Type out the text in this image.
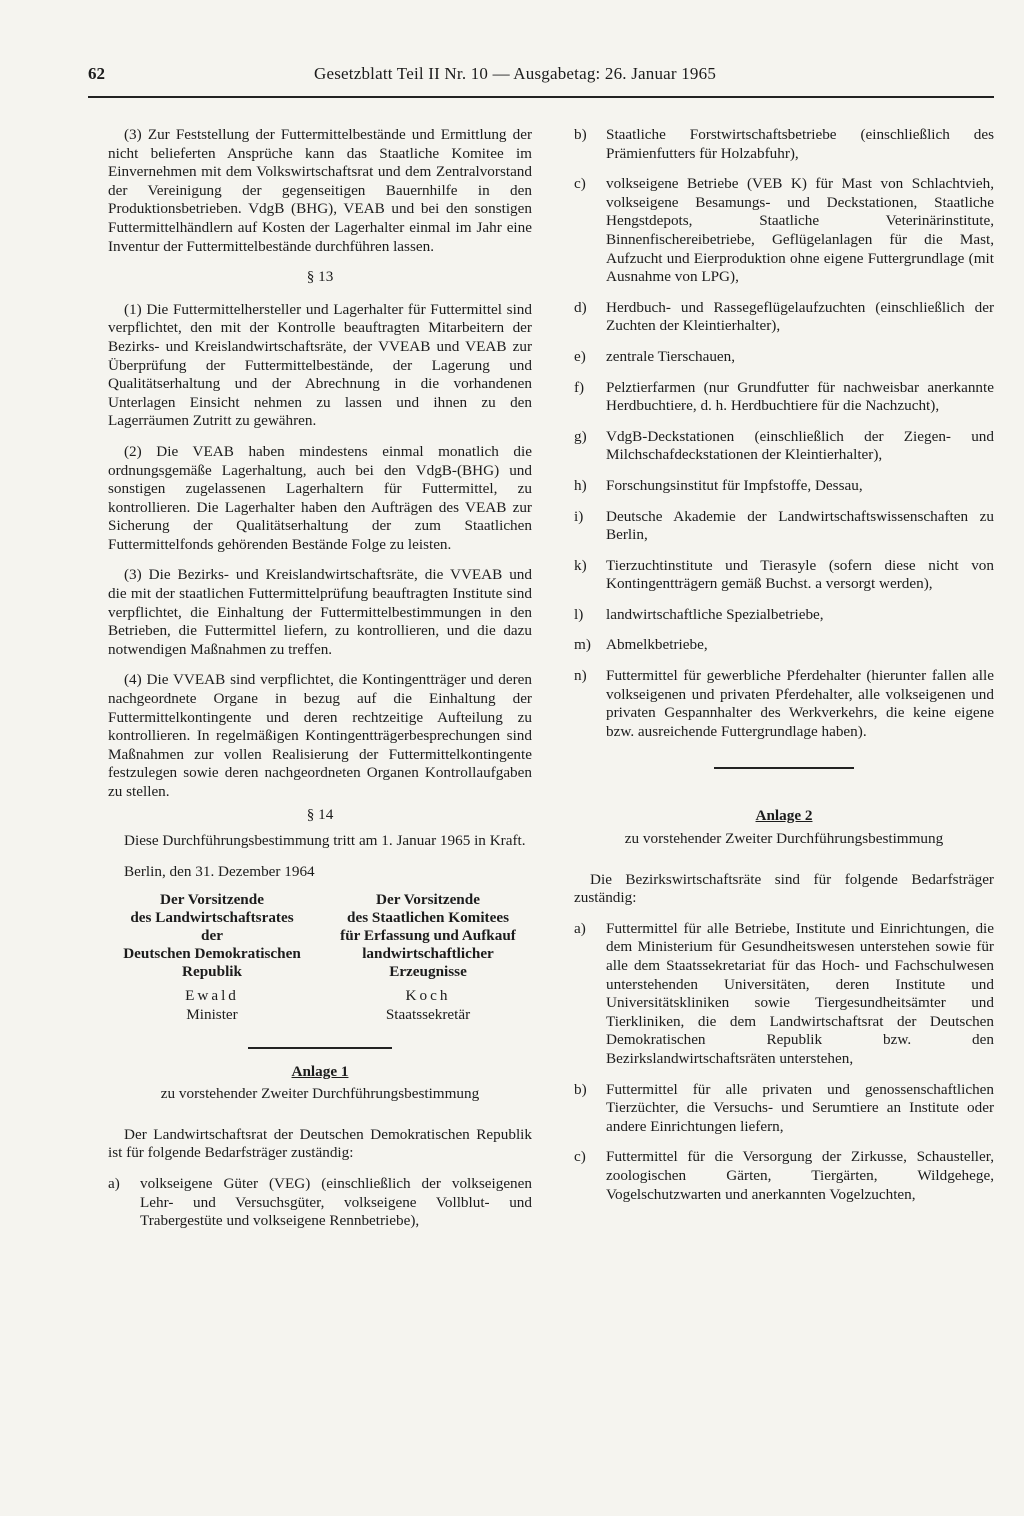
62	Gesetzblatt Teil II Nr. 10 — Ausgabetag: 26. Januar 1965

(3) Zur Feststellung der Futtermittelbestände und Ermittlung der nicht belieferten Ansprüche kann das Staatliche Komitee im Einvernehmen mit dem Volkswirtschaftsrat und dem Zentralvorstand der Vereinigung der gegenseitigen Bauernhilfe in den Produktionsbetrieben. VdgB (BHG), VEAB und bei den sonstigen Futtermittelhändlern auf Kosten der Lagerhalter einmal im Jahr eine Inventur der Futtermittelbestände durchführen lassen.

§ 13

(1) Die Futtermittelhersteller und Lagerhalter für Futtermittel sind verpflichtet, den mit der Kontrolle beauftragten Mitarbeitern der Bezirks- und Kreislandwirtschaftsräte, der VVEAB und VEAB zur Überprüfung der Futtermittelbestände, der Lagerung und Qualitätserhaltung und der Abrechnung in die vorhandenen Unterlagen Einsicht nehmen zu lassen und ihnen zu den Lagerräumen Zutritt zu gewähren.

(2) Die VEAB haben mindestens einmal monatlich die ordnungsgemäße Lagerhaltung, auch bei den VdgB-(BHG) und sonstigen zugelassenen Lagerhaltern für Futtermittel, zu kontrollieren. Die Lagerhalter haben den Aufträgen des VEAB zur Sicherung der Qualitätserhaltung der zum Staatlichen Futtermittelfonds gehörenden Bestände Folge zu leisten.

(3) Die Bezirks- und Kreislandwirtschaftsräte, die VVEAB und die mit der staatlichen Futtermittelprüfung beauftragten Institute sind verpflichtet, die Einhaltung der Futtermittelbestimmungen in den Betrieben, die Futtermittel liefern, zu kontrollieren, und die dazu notwendigen Maßnahmen zu treffen.

(4) Die VVEAB sind verpflichtet, die Kontingentträger und deren nachgeordnete Organe in bezug auf die Einhaltung der Futtermittelkontingente und deren rechtzeitige Aufteilung zu kontrollieren. In regelmäßigen Kontingentträgerbesprechungen sind Maßnahmen zur vollen Realisierung der Futtermittelkontingente festzulegen sowie deren nachgeordneten Organen Kontrollaufgaben zu stellen.

§ 14

Diese Durchführungsbestimmung tritt am 1. Januar 1965 in Kraft.

Berlin, den 31. Dezember 1964

Der Vorsitzende
des Landwirtschaftsrates
der
Deutschen Demokratischen
Republik
Ewald
Minister
Der Vorsitzende
des Staatlichen Komitees
für Erfassung und Aufkauf
landwirtschaftlicher
Erzeugnisse
Koch
Staatssekretär
Anlage 1
zu vorstehender Zweiter Durchführungsbestimmung

Der Landwirtschaftsrat der Deutschen Demokratischen Republik ist für folgende Bedarfsträger zuständig:

a)	volkseigene Güter (VEG) (einschließlich der volkseigenen Lehr- und Versuchsgüter, volkseigene Vollblut- und Trabergestüte und volkseigene Rennbetriebe),
b)	Staatliche Forstwirtschaftsbetriebe (einschließlich des Prämienfutters für Holzabfuhr),
c)	volkseigene Betriebe (VEB K) für Mast von Schlachtvieh, volkseigene Besamungs- und Deckstationen, Staatliche Hengstdepots, Staatliche Veterinärinstitute, Binnenfischereibetriebe, Geflügelanlagen für die Mast, Aufzucht und Eierproduktion ohne eigene Futtergrundlage (mit Ausnahme von LPG),
d)	Herdbuch- und Rassegeflügelaufzuchten (einschließlich der Zuchten der Kleintierhalter),
e)	zentrale Tierschauen,
f)	Pelztierfarmen (nur Grundfutter für nachweisbar anerkannte Herdbuchtiere, d. h. Herdbuchtiere für die Nachzucht),
g)	VdgB-Deckstationen (einschließlich der Ziegen- und Milchschafdeckstationen der Kleintierhalter),
h)	Forschungsinstitut für Impfstoffe, Dessau,
i)	Deutsche Akademie der Landwirtschaftswissenschaften zu Berlin,
k)	Tierzuchtinstitute und Tierasyle (sofern diese nicht von Kontingentträgern gemäß Buchst. a versorgt werden),
l)	landwirtschaftliche Spezialbetriebe,
m) Abmelkbetriebe,
n)	Futtermittel für gewerbliche Pferdehalter (hierunter fallen alle volkseigenen und privaten Pferdehalter, alle volkseigenen und privaten Gespannhalter des Werkverkehrs, die keine eigene bzw. ausreichende Futtergrundlage haben).
Anlage 2
zu vorstehender Zweiter Durchführungsbestimmung

Die Bezirkswirtschaftsräte sind für folgende Bedarfsträger zuständig:

a)	Futtermittel für alle Betriebe, Institute und Einrichtungen, die dem Ministerium für Gesundheitswesen unterstehen sowie für alle dem Staatssekretariat für das Hoch- und Fachschulwesen unterstehenden Universitäten, deren Institute und Universitätskliniken sowie Tiergesundheitsämter und Tierkliniken, die dem Landwirtschaftsrat der Deutschen Demokratischen Republik bzw. den Bezirkslandwirtschaftsräten unterstehen,
b)	Futtermittel für alle privaten und genossenschaftlichen Tierzüchter, die Versuchs- und Serumtiere an Institute oder andere Einrichtungen liefern,
c)	Futtermittel für die Versorgung der Zirkusse, Schausteller, zoologischen Gärten, Tiergärten, Wildgehege, Vogelschutzwarten und anerkannten Vogelzuchten,
